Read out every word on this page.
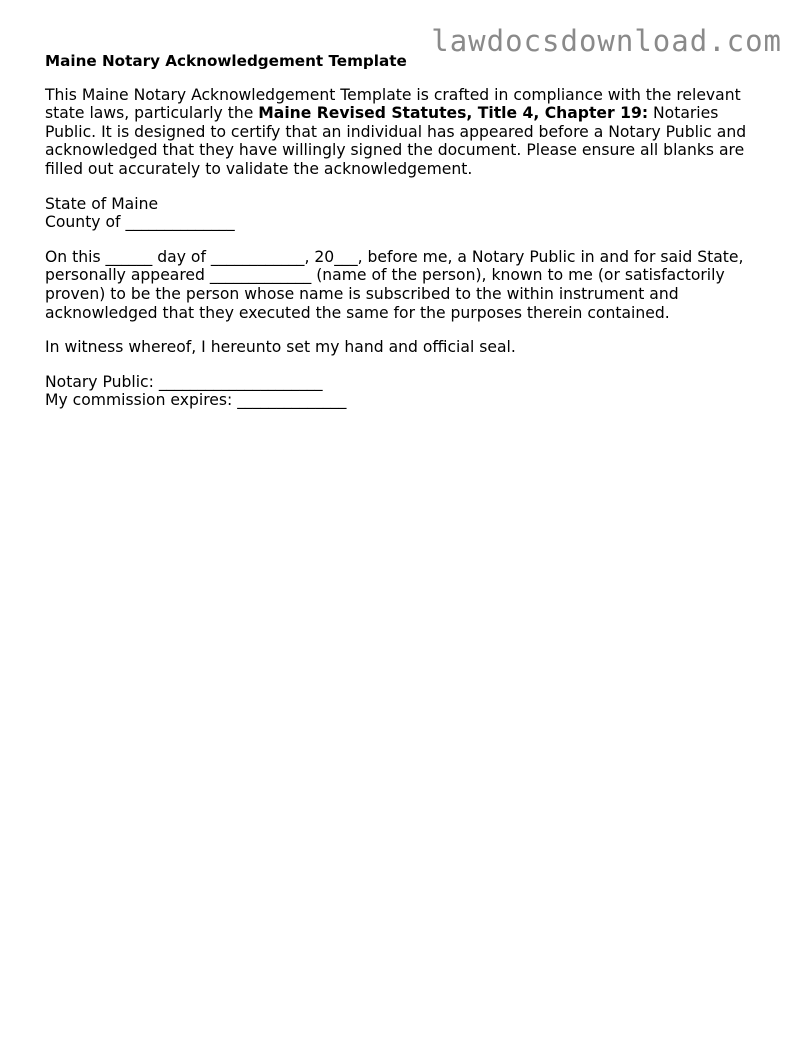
lawdocsdownload.com
Maine Notary Acknowledgement Template

This Maine Notary Acknowledgement Template is crafted in compliance with the relevant
state laws, particularly the Maine Revised Statutes, Title 4, Chapter 19: Notaries
Public. It is designed to certify that an individual has appeared before a Notary Public and
acknowledged that they have willingly signed the document. Please ensure all blanks are
filled out accurately to validate the acknowledgement.

State of Maine
County of ______________

On this ______ day of ____________, 20___, before me, a Notary Public in and for said State,
personally appeared _____________ (name of the person), known to me (or satisfactorily
proven) to be the person whose name is subscribed to the within instrument and
acknowledged that they executed the same for the purposes therein contained.

In witness whereof, I hereunto set my hand and official seal.

Notary Public: _____________________
My commission expires: ______________
